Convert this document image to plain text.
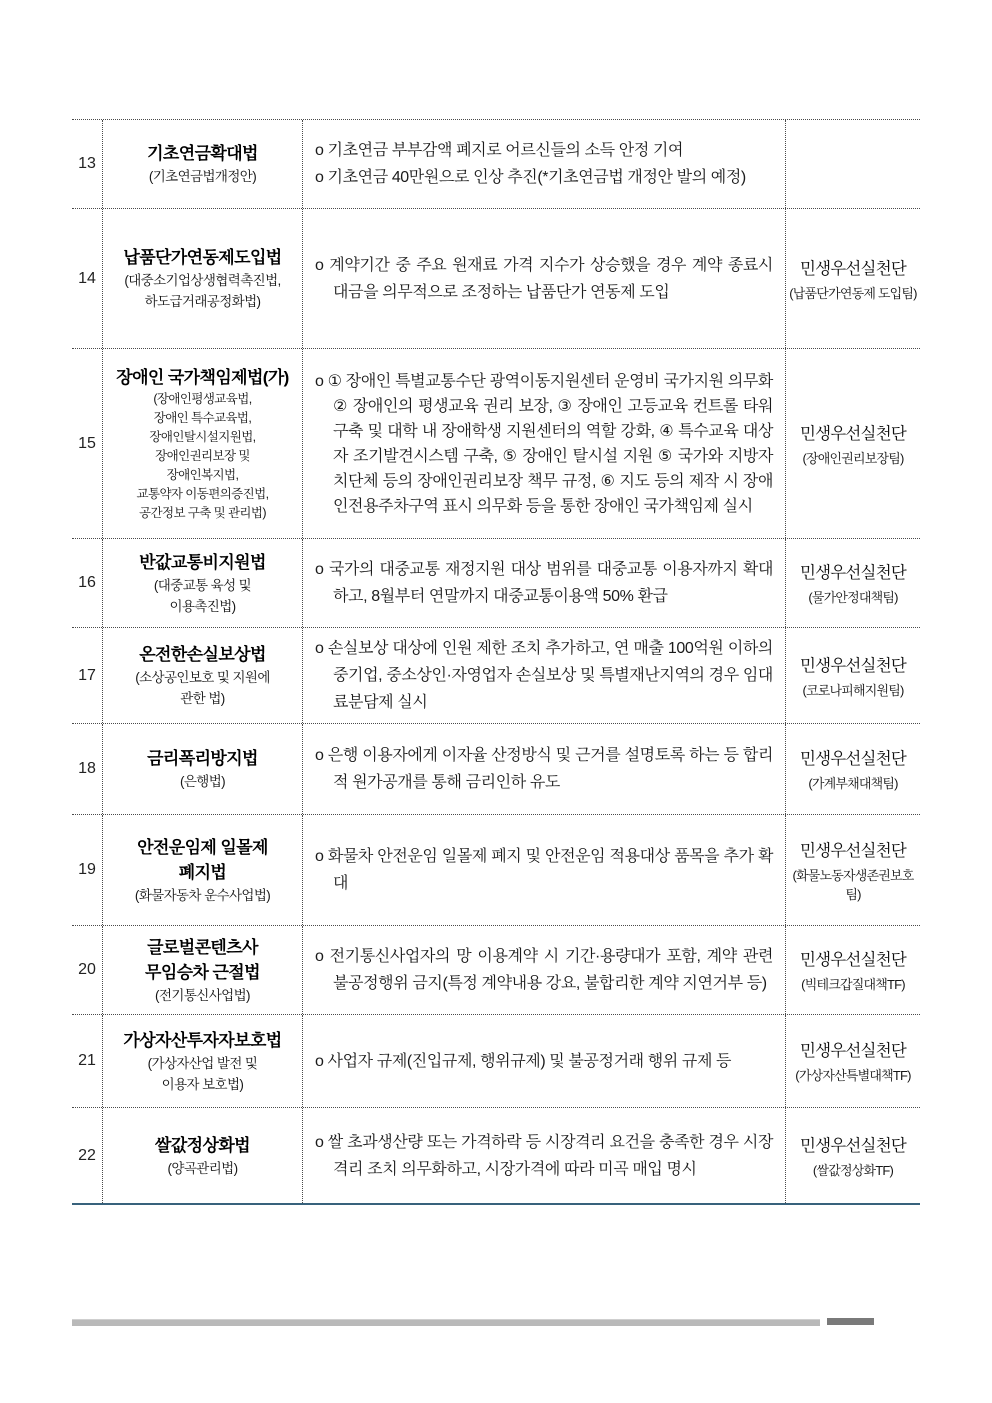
13
기초연금확대법
(기초연금법개정안)

o 기초연금 부부감액 폐지로 어르신들의 소득 안정 기여

o 기초연금 40만원으로 인상 추진(*기초연금법 개정안 발의 예정)

14
납품단가연동제도입법
(대중소기업상생협력촉진법,
하도급거래공정화법)

o 계약기간 중 주요 원재료 가격 지수가 상승했을 경우 계약 종료시 대금을 의무적으로 조정하는 납품단가 연동제 도입

민생우선실천단
(납품단가연동제 도입팀)
15
장애인 국가책임제법(가)
(장애인평생교육법,
장애인 특수교육법,
장애인탈시설지원법,
장애인권리보장 및
장애인복지법,
교통약자 이동편의증진법,
공간정보 구축 및 관리법)

o ① 장애인 특별교통수단 광역이동지원센터 운영비 국가지원 의무화 ② 장애인의 평생교육 권리 보장, ③ 장애인 고등교육 컨트롤 타워 구축 및 대학 내 장애학생 지원센터의 역할 강화, ④ 특수교육 대상자 조기발견시스템 구축, ⑤ 장애인 탈시설 지원 ⑤ 국가와 지방자치단체 등의 장애인권리보장 책무 규정, ⑥ 지도 등의 제작 시 장애인전용주차구역 표시 의무화 등을 통한 장애인 국가책임제 실시

민생우선실천단
(장애인권리보장팀)
16
반값교통비지원법
(대중교통 육성 및
이용촉진법)

o 국가의 대중교통 재정지원 대상 범위를 대중교통 이용자까지 확대하고, 8월부터 연말까지 대중교통이용액 50% 환급

민생우선실천단
(물가안정대책팀)
17
온전한손실보상법
(소상공인보호 및 지원에
관한 법)

o 손실보상 대상에 인원 제한 조치 추가하고, 연 매출 100억원 이하의 중기업, 중소상인·자영업자 손실보상 및 특별재난지역의 경우 임대료분담제 실시

민생우선실천단
(코로나피해지원팀)
18
금리폭리방지법
(은행법)

o 은행 이용자에게 이자율 산정방식 및 근거를 설명토록 하는 등 합리적 원가공개를 통해 금리인하 유도

민생우선실천단
(가계부채대책팀)
19
안전운임제 일몰제
폐지법
(화물자동차 운수사업법)

o 화물차 안전운임 일몰제 폐지 및 안전운임 적용대상 품목을 추가 확대

민생우선실천단
(화물노동자생존권보호팀)
20
글로벌콘텐츠사
무임승차 근절법
(전기통신사업법)

o 전기통신사업자의 망 이용계약 시 기간·용량대가 포함, 계약 관련 불공정행위 금지(특정 계약내용 강요, 불합리한 계약 지연거부 등)

민생우선실천단
(빅테크갑질대책TF)
21
가상자산투자자보호법
(가상자산업 발전 및
이용자 보호법)

o 사업자 규제(진입규제, 행위규제) 및 불공정거래 행위 규제 등

민생우선실천단
(가상자산특별대책TF)
22
쌀값정상화법
(양곡관리법)

o 쌀 초과생산량 또는 가격하락 등 시장격리 요건을 충족한 경우 시장격리 조치 의무화하고, 시장가격에 따라 미곡 매입 명시

민생우선실천단
(쌀값정상화TF)
